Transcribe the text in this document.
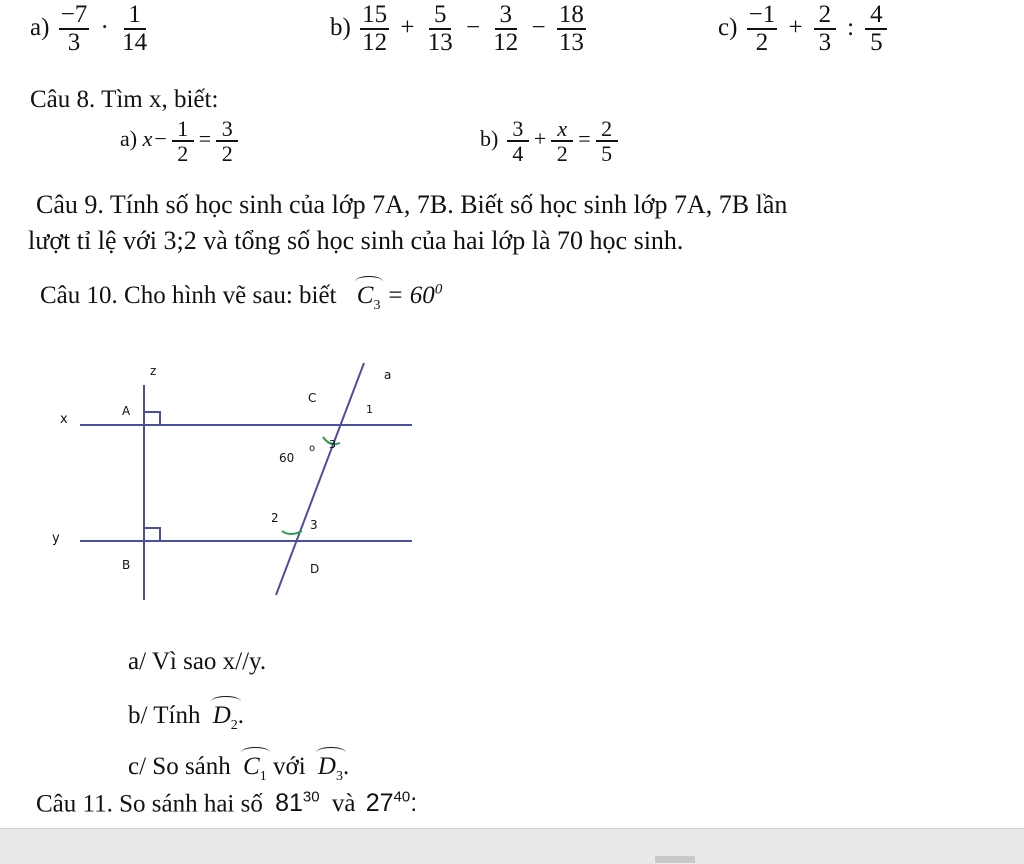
$a) \frac{-7}{3} \cdot \frac{1}{14}$	$b) \frac{15}{12} + \frac{5}{13} - \frac{3}{12} - \frac{18}{13}$	$c) \frac{-1}{2} + \frac{2}{3}$ : $\frac{4}{5}$
Câu 8. Tìm x, biết:
a) $x- \frac{1}{2} = \frac{3}{2}$	$b) \frac{3}{4} + \frac{x}{2} = \frac{2}{5}$
Câu 9. Tính số học sinh của lớp 7A, 7B. Biết số học sinh lớp 7A, 7B lần
lượt tỉ lệ với 3;2 và tổng số học sinh của hai lớp là 70 học sinh.
Câu 10. Cho hình vẽ sau: biết $C_3 = 60^0$
z	a
x
y
A
B
C
D
1
3
60
o
2	3
a/ Vì sao x//y.
b/ Tính $D_2$.
c/ So sánh $C_1$ với $D_3$.
Câu 11. So sánh hai số $81^{30}$ và $27^{40}$:
